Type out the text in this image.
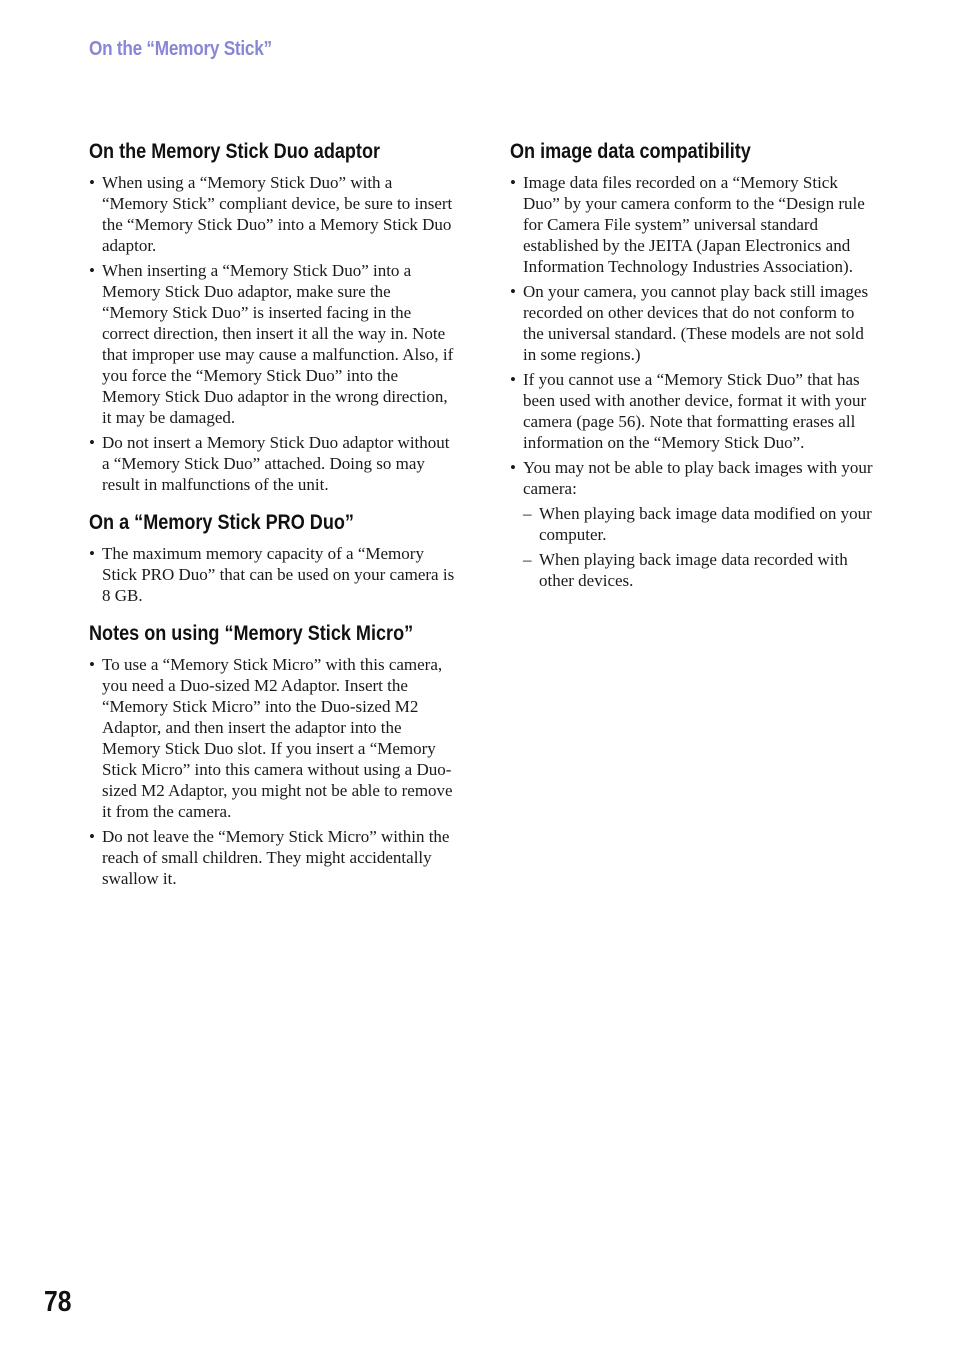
On the “Memory Stick”
On the Memory Stick Duo adaptor
• When using a “Memory Stick Duo” with a “Memory Stick” compliant device, be sure to insert the “Memory Stick Duo” into a Memory Stick Duo adaptor.
• When inserting a “Memory Stick Duo” into a Memory Stick Duo adaptor, make sure the “Memory Stick Duo” is inserted facing in the correct direction, then insert it all the way in. Note that improper use may cause a malfunction. Also, if you force the “Memory Stick Duo” into the Memory Stick Duo adaptor in the wrong direction, it may be damaged.
• Do not insert a Memory Stick Duo adaptor without a “Memory Stick Duo” attached. Doing so may result in malfunctions of the unit.
On a “Memory Stick PRO Duo”
• The maximum memory capacity of a “Memory Stick PRO Duo” that can be used on your camera is 8 GB.
Notes on using “Memory Stick Micro”
• To use a “Memory Stick Micro” with this camera, you need a Duo-sized M2 Adaptor. Insert the “Memory Stick Micro” into the Duo-sized M2 Adaptor, and then insert the adaptor into the Memory Stick Duo slot. If you insert a “Memory Stick Micro” into this camera without using a Duo-sized M2 Adaptor, you might not be able to remove it from the camera.
• Do not leave the “Memory Stick Micro” within the reach of small children. They might accidentally swallow it.
On image data compatibility
• Image data files recorded on a “Memory Stick Duo” by your camera conform to the “Design rule for Camera File system” universal standard established by the JEITA (Japan Electronics and Information Technology Industries Association).
• On your camera, you cannot play back still images recorded on other devices that do not conform to the universal standard. (These models are not sold in some regions.)
• If you cannot use a “Memory Stick Duo” that has been used with another device, format it with your camera (page 56). Note that formatting erases all information on the “Memory Stick Duo”.
• You may not be able to play back images with your camera:
– When playing back image data modified on your computer.
– When playing back image data recorded with other devices.
78
